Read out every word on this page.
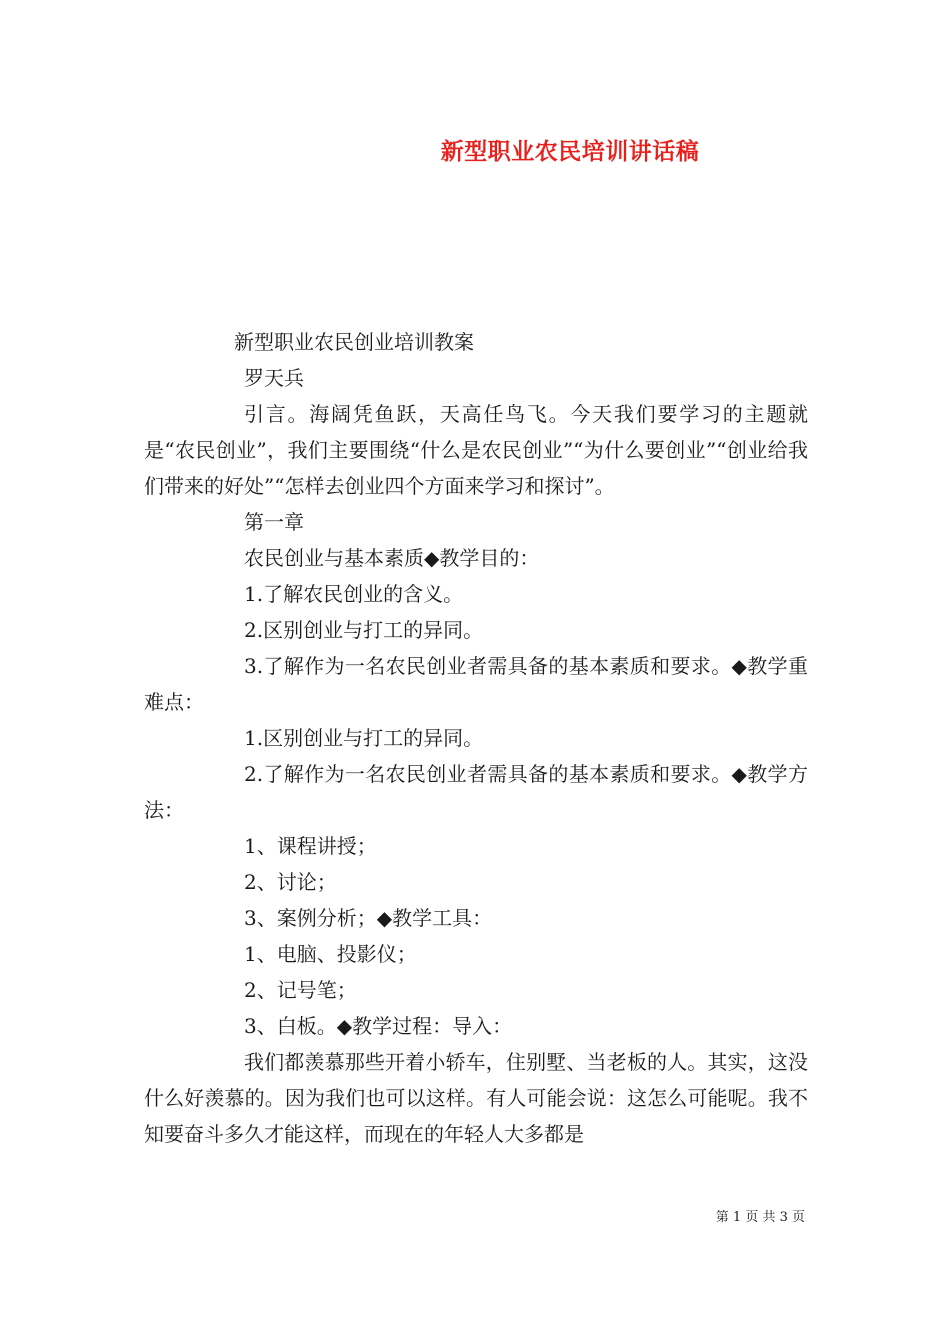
新型职业农民培训讲话稿

新型职业农民创业培训教案

罗天兵

引言。海阔凭鱼跃，天高任鸟飞。今天我们要学习的主题就是“农民创业”，我们主要围绕“什么是农民创业”“为什么要创业”“创业给我们带来的好处”“怎样去创业四个方面来学习和探讨”。

第一章

农民创业与基本素质◆教学目的：

1.了解农民创业的含义。

2.区别创业与打工的异同。

3.了解作为一名农民创业者需具备的基本素质和要求。◆教学重难点：

1.区别创业与打工的异同。

2.了解作为一名农民创业者需具备的基本素质和要求。◆教学方法：

1、课程讲授；

2、讨论；

3、案例分析；◆教学工具：

1、电脑、投影仪；

2、记号笔；

3、白板。◆教学过程：导入：

我们都羡慕那些开着小轿车，住别墅、当老板的人。其实，这没什么好羡慕的。因为我们也可以这样。有人可能会说：这怎么可能呢。我不知要奋斗多久才能这样，而现在的年轻人大多都是

第 1 页 共 3 页
